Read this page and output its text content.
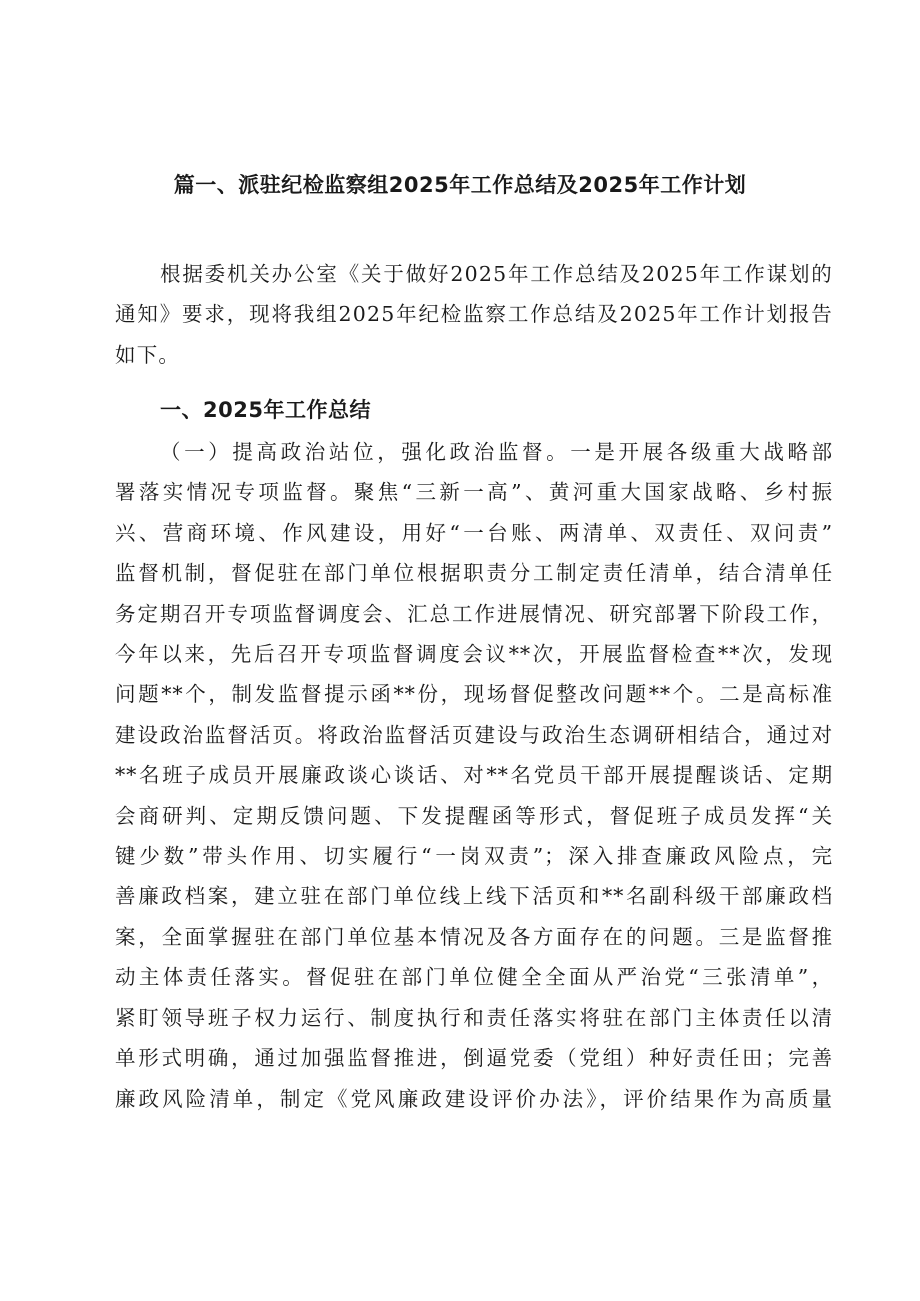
篇一、派驻纪检监察组2025年工作总结及2025年工作计划
根据委机关办公室《关于做好2025年工作总结及2025年工作谋划的
通知》要求，现将我组2025年纪检监察工作总结及2025年工作计划报告
如下。
一、2025年工作总结
（一）提高政治站位，强化政治监督。一是开展各级重大战略部
署落实情况专项监督。聚焦“三新一高”、黄河重大国家战略、乡村振
兴、营商环境、作风建设，用好“一台账、两清单、双责任、双问责”
监督机制，督促驻在部门单位根据职责分工制定责任清单，结合清单任
务定期召开专项监督调度会、汇总工作进展情况、研究部署下阶段工作，
今年以来，先后召开专项监督调度会议**次，开展监督检查**次，发现
问题**个，制发监督提示函**份，现场督促整改问题**个。二是高标准
建设政治监督活页。将政治监督活页建设与政治生态调研相结合，通过对
**名班子成员开展廉政谈心谈话、对**名党员干部开展提醒谈话、定期
会商研判、定期反馈问题、下发提醒函等形式，督促班子成员发挥“关
键少数”带头作用、切实履行“一岗双责”；深入排查廉政风险点，完
善廉政档案，建立驻在部门单位线上线下活页和**名副科级干部廉政档
案，全面掌握驻在部门单位基本情况及各方面存在的问题。三是监督推
动主体责任落实。督促驻在部门单位健全全面从严治党“三张清单”，
紧盯领导班子权力运行、制度执行和责任落实将驻在部门主体责任以清
单形式明确，通过加强监督推进，倒逼党委（党组）种好责任田；完善
廉政风险清单，制定《党风廉政建设评价办法》，评价结果作为高质量
